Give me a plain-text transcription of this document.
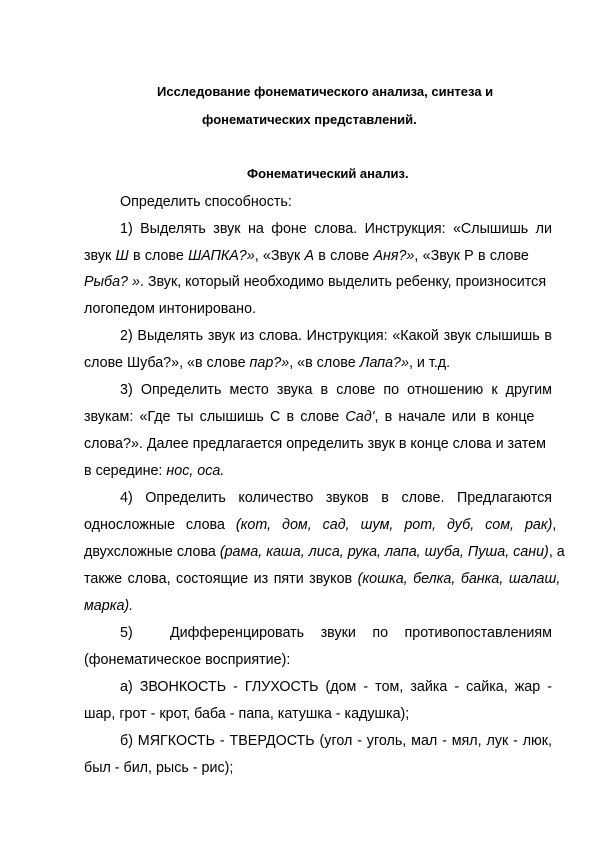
Исследование фонематического анализа, синтеза и
фонематических представлений.
Фонематический анализ.
Определить способность:
1) Выделять звук на фоне слова. Инструкция: «Слышишь ли
звук Ш в слове ШАПКА?», «Звук А в слове Аня?», «Звук Р в слове
Рыба? ». Звук, который необходимо выделить ребенку, произносится
логопедом интонировано.
2) Выделять звук из слова. Инструкция: «Какой звук слышишь в
слове Шуба?», «в слове пар?», «в слове Лапа?», и т.д.
3) Определить место звука в слове по отношению к другим
звукам: «Где ты слышишь С в слове Сад', в начале или в конце
слова?». Далее предлагается определить звук в конце слова и затем
в середине: нос, оса.
4) Определить количество звуков в слове. Предлагаются
односложные слова (кот, дом, сад, шум, рот, дуб, сом, рак),
двухсложные слова (рама, каша, лиса, рука, лапа, шуба, Пуша, сани), а
также слова, состоящие из пяти звуков (кошка, белка, банка, шалаш,
марка).
5)	Дифференцировать звуки по противопоставлениям
(фонематическое восприятие):
а) ЗВОНКОСТЬ - ГЛУХОСТЬ (дом - том, зайка - сайка, жар -
шар, грот - крот, баба - папа, катушка - кадушка);
б) МЯГКОСТЬ - ТВЕРДОСТЬ (угол - уголь, мал - мял, лук - люк,
был - бил, рысь - рис);
